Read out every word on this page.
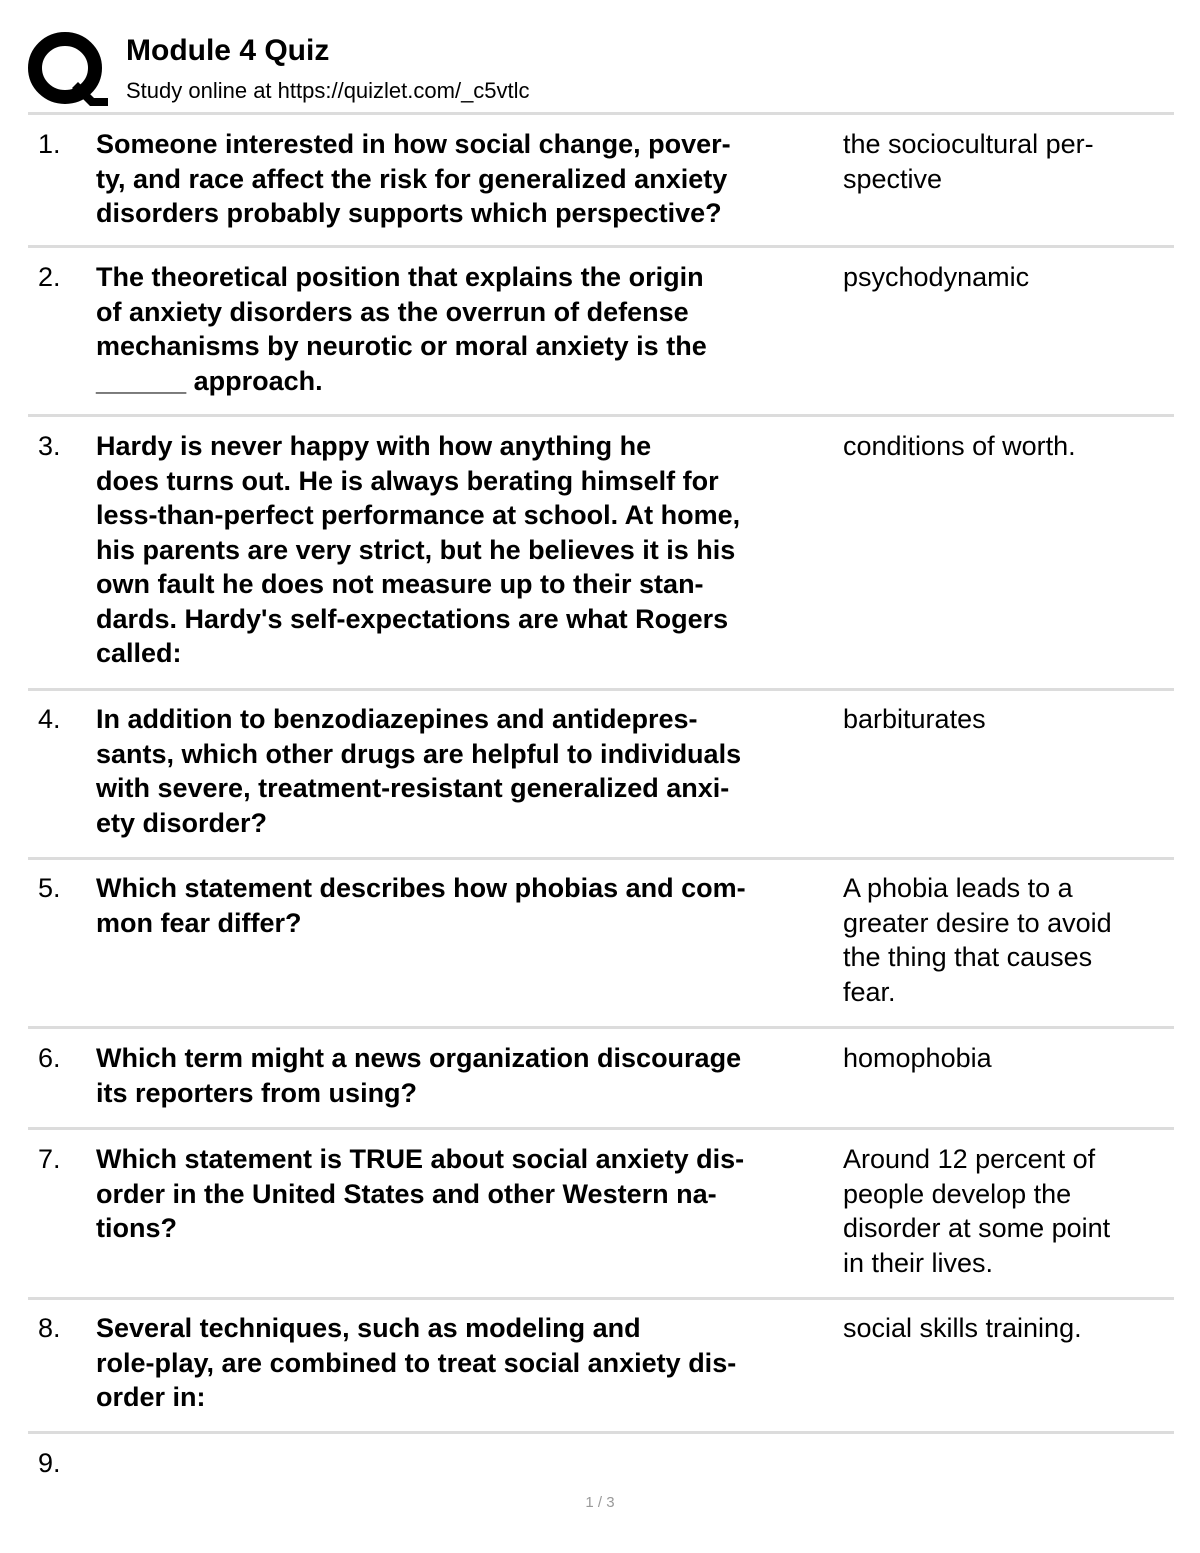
Module 4 Quiz
Study online at https://quizlet.com/_c5vtlc
1. Someone interested in how social change, pover-
ty, and race affect the risk for generalized anxiety
disorders probably supports which perspective?
the sociocultural per-
spective
2. The theoretical position that explains the origin
of anxiety disorders as the overrun of defense
mechanisms by neurotic or moral anxiety is the
______ approach.
psychodynamic
3. Hardy is never happy with how anything he
does turns out. He is always berating himself for
less-than-perfect performance at school. At home,
his parents are very strict, but he believes it is his
own fault he does not measure up to their stan-
dards. Hardy's self-expectations are what Rogers
called:
conditions of worth.
4. In addition to benzodiazepines and antidepres-
sants, which other drugs are helpful to individuals
with severe, treatment-resistant generalized anxi-
ety disorder?
barbiturates
5. Which statement describes how phobias and com-
mon fear differ?
A phobia leads to a
greater desire to avoid
the thing that causes
fear.
6. Which term might a news organization discourage
its reporters from using?
homophobia
7. Which statement is TRUE about social anxiety dis-
order in the United States and other Western na-
tions?
Around 12 percent of
people develop the
disorder at some point
in their lives.
8. Several techniques, such as modeling and
role-play, are combined to treat social anxiety dis-
order in:
social skills training.
9.
1 / 3
